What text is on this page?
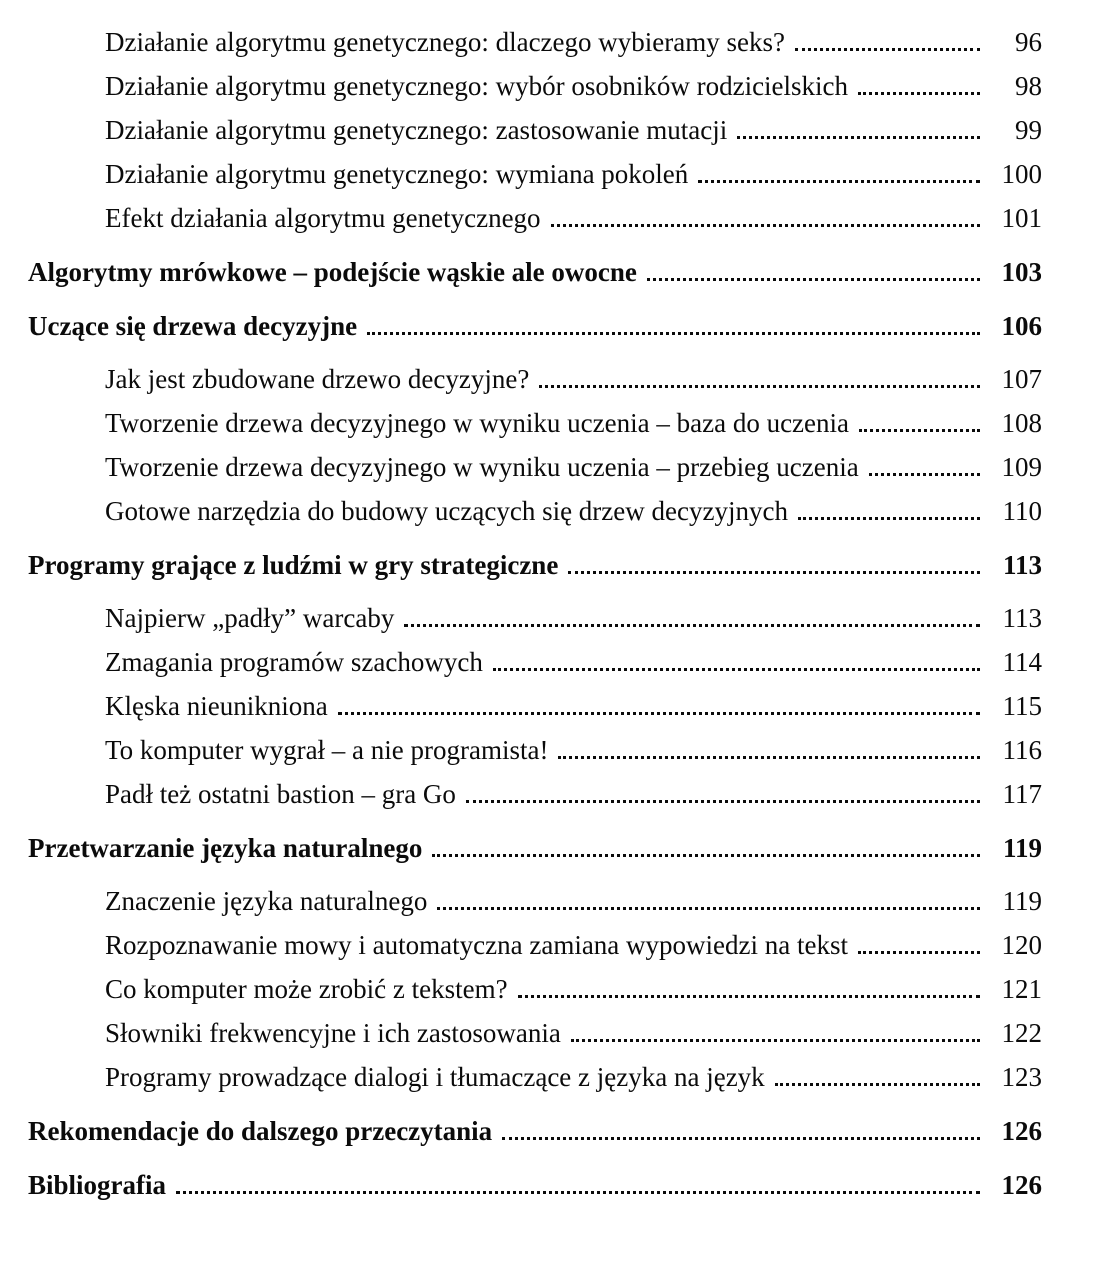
Działanie algorytmu genetycznego: dlaczego wybieramy seks?	96
Działanie algorytmu genetycznego: wybór osobników rodzicielskich	98
Działanie algorytmu genetycznego: zastosowanie mutacji	99
Działanie algorytmu genetycznego: wymiana pokoleń	100
Efekt działania algorytmu genetycznego	101
Algorytmy mrówkowe – podejście wąskie ale owocne	103
Uczące się drzewa decyzyjne	106
Jak jest zbudowane drzewo decyzyjne?	107
Tworzenie drzewa decyzyjnego w wyniku uczenia – baza do uczenia	108
Tworzenie drzewa decyzyjnego w wyniku uczenia – przebieg uczenia	109
Gotowe narzędzia do budowy uczących się drzew decyzyjnych	110
Programy grające z ludźmi w gry strategiczne	113
Najpierw „padły” warcaby	113
Zmagania programów szachowych	114
Klęska nieunikniona	115
To komputer wygrał – a nie programista!	116
Padł też ostatni bastion – gra Go	117
Przetwarzanie języka naturalnego	119
Znaczenie języka naturalnego	119
Rozpoznawanie mowy i automatyczna zamiana wypowiedzi na tekst	120
Co komputer może zrobić z tekstem?	121
Słowniki frekwencyjne i ich zastosowania	122
Programy prowadzące dialogi i tłumaczące z języka na język	123
Rekomendacje do dalszego przeczytania	126
Bibliografia	126
